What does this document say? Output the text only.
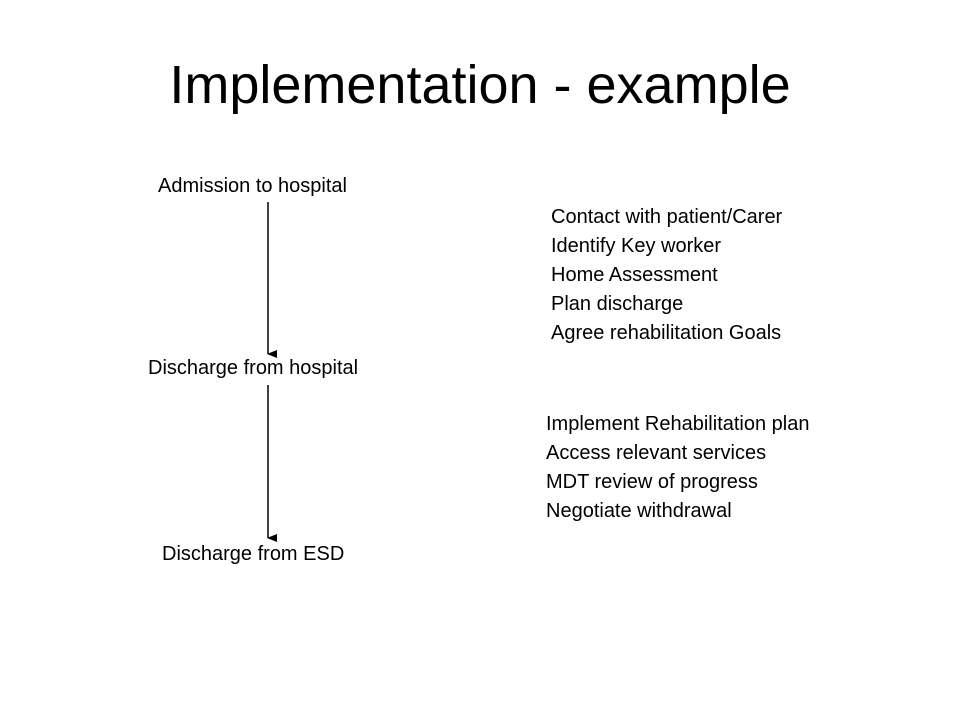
Implementation - example
Admission to hospital
Discharge from hospital
Discharge from ESD
Contact with patient/Carer
Identify Key worker
Home Assessment
Plan discharge
Agree rehabilitation Goals
Implement Rehabilitation plan
Access relevant services
MDT review of progress
Negotiate withdrawal
